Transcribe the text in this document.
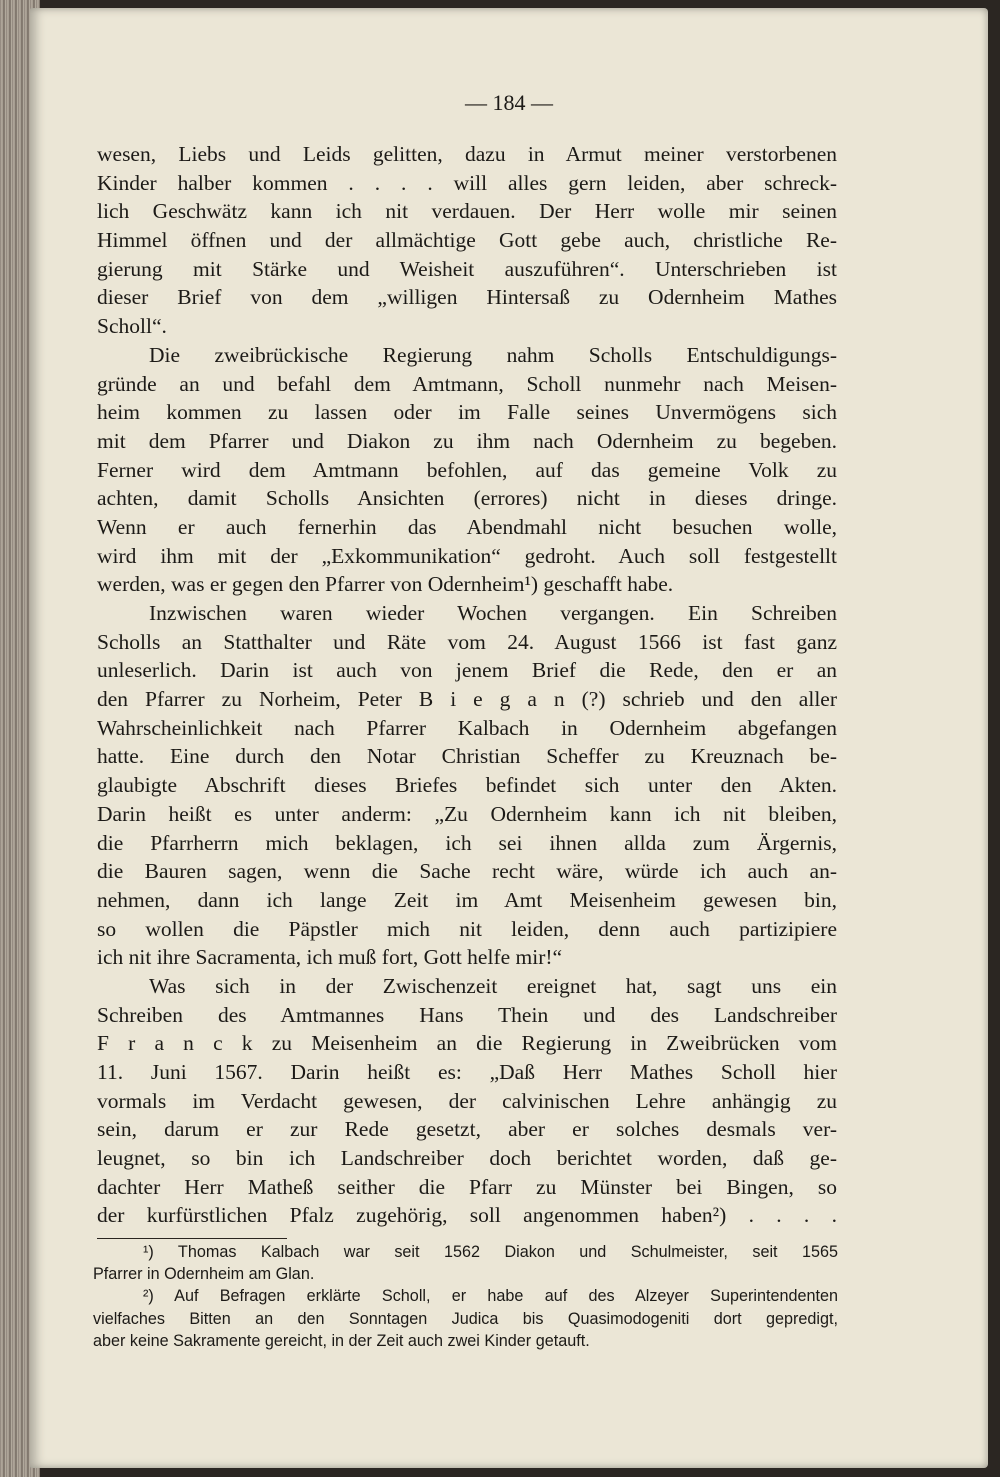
— 184 —
wesen, Liebs und Leids gelitten, dazu in Armut meiner verstorbenen
Kinder halber kommen . . . . will alles gern leiden, aber schreck-
lich Geschwätz kann ich nit verdauen. Der Herr wolle mir seinen
Himmel öffnen und der allmächtige Gott gebe auch, christliche Re-
gierung mit Stärke und Weisheit auszuführen“. Unterschrieben ist
dieser Brief von dem „willigen Hintersaß zu Odernheim Mathes
Scholl“.
Die zweibrückische Regierung nahm Scholls Entschuldigungs-
gründe an und befahl dem Amtmann, Scholl nunmehr nach Meisen-
heim kommen zu lassen oder im Falle seines Unvermögens sich
mit dem Pfarrer und Diakon zu ihm nach Odernheim zu begeben.
Ferner wird dem Amtmann befohlen, auf das gemeine Volk zu
achten, damit Scholls Ansichten (errores) nicht in dieses dringe.
Wenn er auch fernerhin das Abendmahl nicht besuchen wolle,
wird ihm mit der „Exkommunikation“ gedroht. Auch soll festgestellt
werden, was er gegen den Pfarrer von Odernheim¹) geschafft habe.
Inzwischen waren wieder Wochen vergangen. Ein Schreiben
Scholls an Statthalter und Räte vom 24. August 1566 ist fast ganz
unleserlich. Darin ist auch von jenem Brief die Rede, den er an
den Pfarrer zu Norheim, Peter B i e g a n (?) schrieb und den aller
Wahrscheinlichkeit nach Pfarrer Kalbach in Odernheim abgefangen
hatte. Eine durch den Notar Christian Scheffer zu Kreuznach be-
glaubigte Abschrift dieses Briefes befindet sich unter den Akten.
Darin heißt es unter anderm: „Zu Odernheim kann ich nit bleiben,
die Pfarrherrn mich beklagen, ich sei ihnen allda zum Ärgernis,
die Bauren sagen, wenn die Sache recht wäre, würde ich auch an-
nehmen, dann ich lange Zeit im Amt Meisenheim gewesen bin,
so wollen die Päpstler mich nit leiden, denn auch partizipiere
ich nit ihre Sacramenta, ich muß fort, Gott helfe mir!“
Was sich in der Zwischenzeit ereignet hat, sagt uns ein
Schreiben des Amtmannes Hans Thein und des Landschreiber
F r a n c k zu Meisenheim an die Regierung in Zweibrücken vom
11. Juni 1567. Darin heißt es: „Daß Herr Mathes Scholl hier
vormals im Verdacht gewesen, der calvinischen Lehre anhängig zu
sein, darum er zur Rede gesetzt, aber er solches desmals ver-
leugnet, so bin ich Landschreiber doch berichtet worden, daß ge-
dachter Herr Matheß seither die Pfarr zu Münster bei Bingen, so
der kurfürstlichen Pfalz zugehörig, soll angenommen haben²) . . . .
¹) Thomas Kalbach war seit 1562 Diakon und Schulmeister, seit 1565
Pfarrer in Odernheim am Glan.
²) Auf Befragen erklärte Scholl, er habe auf des Alzeyer Superintendenten
vielfaches Bitten an den Sonntagen Judica bis Quasimodogeniti dort gepredigt,
aber keine Sakramente gereicht, in der Zeit auch zwei Kinder getauft.
